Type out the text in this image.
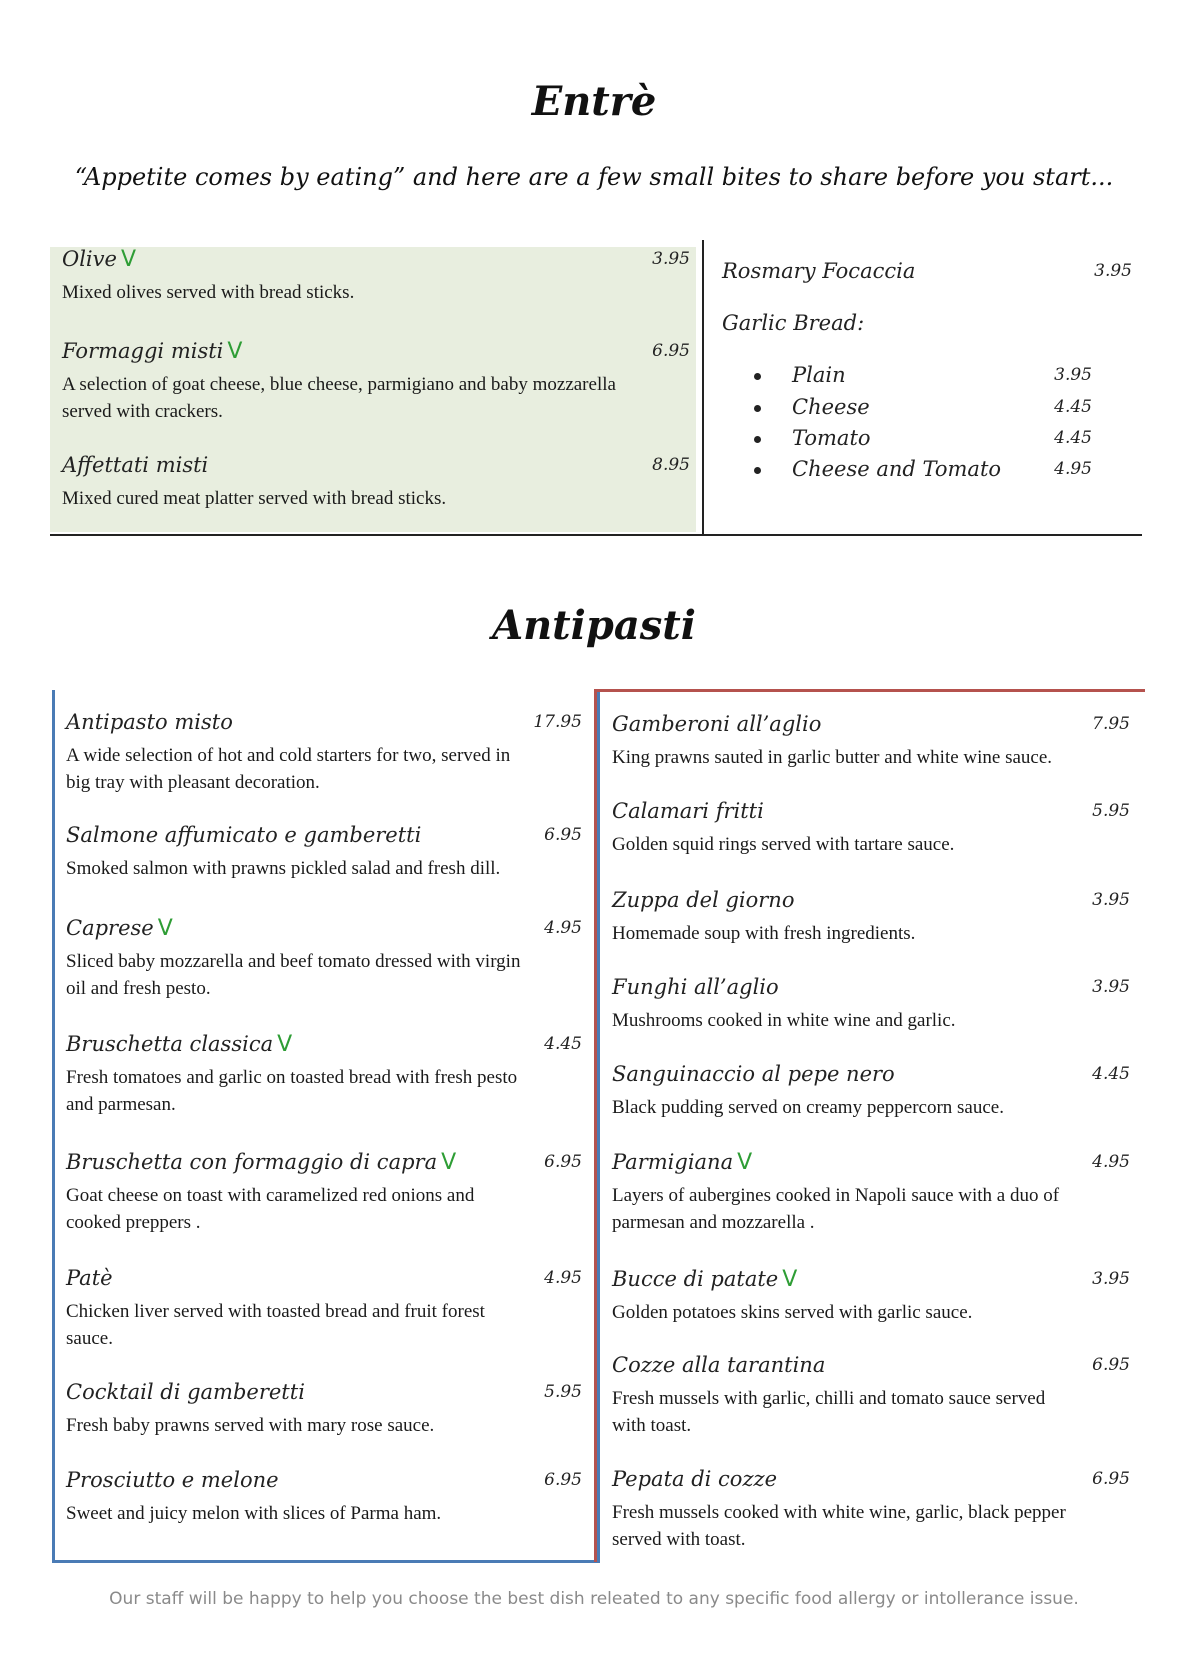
Entrè
“Appetite comes by eating” and here are a few small bites to share before you start...
Olive V	3.95
Mixed olives served with bread sticks.
Formaggi misti V	6.95
A selection of goat cheese, blue cheese, parmigiano and baby mozzarella
served with crackers.
Affettati misti	8.95
Mixed cured meat platter served with bread sticks.
Rosmary Focaccia	3.95
Garlic Bread:
Plain	3.95
Cheese	4.45
Tomato	4.45
Cheese and Tomato	4.95
Antipasti
Antipasto misto	17.95
A wide selection of hot and cold starters for two, served in
big tray with pleasant decoration.
Salmone affumicato e gamberetti	6.95
Smoked salmon with prawns pickled salad and fresh dill.
Caprese V	4.95
Sliced baby mozzarella and beef tomato dressed with virgin
oil and fresh pesto.
Bruschetta classica V	4.45
Fresh tomatoes and garlic on toasted bread with fresh pesto
and parmesan.
Bruschetta con formaggio di capra V	6.95
Goat cheese on toast with caramelized red onions and
cooked preppers .
Patè	4.95
Chicken liver served with toasted bread and fruit forest
sauce.
Cocktail di gamberetti	5.95
Fresh baby prawns served with mary rose sauce.
Prosciutto e melone	6.95
Sweet and juicy melon with slices of Parma ham.
Gamberoni all’aglio	7.95
King prawns sauted in garlic butter and white wine sauce.
Calamari fritti	5.95
Golden squid rings served with tartare sauce.
Zuppa del giorno	3.95
Homemade soup with fresh ingredients.
Funghi all’aglio	3.95
Mushrooms cooked in white wine and garlic.
Sanguinaccio al pepe nero	4.45
Black pudding served on creamy peppercorn sauce.
Parmigiana V	4.95
Layers of aubergines cooked in Napoli sauce with a duo of
parmesan and mozzarella .
Bucce di patate V	3.95
Golden potatoes skins served with garlic sauce.
Cozze alla tarantina	6.95
Fresh mussels with garlic, chilli and tomato sauce served
with toast.
Pepata di cozze	6.95
Fresh mussels cooked with white wine, garlic, black pepper
served with toast.
Our staff will be happy to help you choose the best dish releated to any specific food allergy or intollerance issue.
